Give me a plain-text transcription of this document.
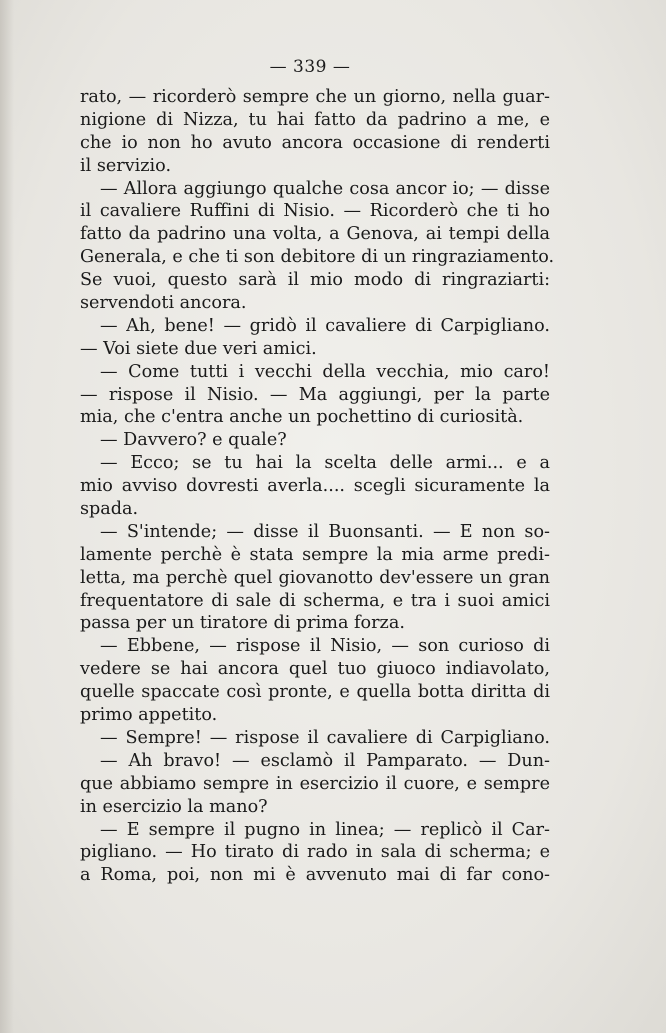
— 339 —
rato, — ricorderò sempre che un giorno, nella guar-
nigione di Nizza, tu hai fatto da padrino a me, e
che io non ho avuto ancora occasione di renderti
il servizio.
— Allora aggiungo qualche cosa ancor io; — disse
il cavaliere Ruffini di Nisio. — Ricorderò che ti ho
fatto da padrino una volta, a Genova, ai tempi della
Generala, e che ti son debitore di un ringraziamento.
Se vuoi, questo sarà il mio modo di ringraziarti:
servendoti ancora.
— Ah, bene! — gridò il cavaliere di Carpigliano.
— Voi siete due veri amici.
— Come tutti i vecchi della vecchia, mio caro!
— rispose il Nisio. — Ma aggiungi, per la parte
mia, che c'entra anche un pochettino di curiosità.
— Davvero? e quale?
— Ecco; se tu hai la scelta delle armi... e a
mio avviso dovresti averla.... scegli sicuramente la
spada.
— S'intende; — disse il Buonsanti. — E non so-
lamente perchè è stata sempre la mia arme predi-
letta, ma perchè quel giovanotto dev'essere un gran
frequentatore di sale di scherma, e tra i suoi amici
passa per un tiratore di prima forza.
— Ebbene, — rispose il Nisio, — son curioso di
vedere se hai ancora quel tuo giuoco indiavolato,
quelle spaccate così pronte, e quella botta diritta di
primo appetito.
— Sempre! — rispose il cavaliere di Carpigliano.
— Ah bravo! — esclamò il Pamparato. — Dun-
que abbiamo sempre in esercizio il cuore, e sempre
in esercizio la mano?
— E sempre il pugno in linea; — replicò il Car-
pigliano. — Ho tirato di rado in sala di scherma; e
a Roma, poi, non mi è avvenuto mai di far cono-
